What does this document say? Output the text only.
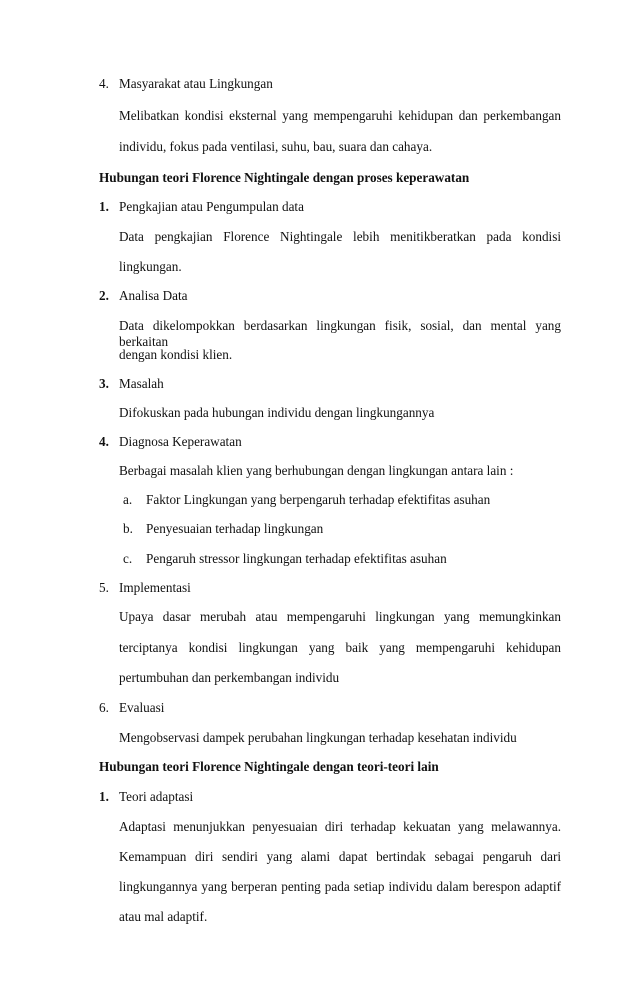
4. Masyarakat atau Lingkungan
Melibatkan kondisi eksternal yang mempengaruhi kehidupan dan perkembangan
individu, fokus pada ventilasi, suhu, bau, suara dan cahaya.
Hubungan teori Florence Nightingale dengan proses keperawatan
1. Pengkajian atau Pengumpulan data
Data pengkajian Florence Nightingale lebih menitikberatkan pada kondisi
lingkungan.
2. Analisa Data
Data dikelompokkan berdasarkan lingkungan fisik, sosial, dan mental yang berkaitan
dengan kondisi klien.
3. Masalah
Difokuskan pada hubungan individu dengan lingkungannya
4. Diagnosa Keperawatan
Berbagai masalah klien yang berhubungan dengan lingkungan antara lain :
a. Faktor Lingkungan yang berpengaruh terhadap efektifitas asuhan
b. Penyesuaian terhadap lingkungan
c. Pengaruh stressor lingkungan terhadap efektifitas asuhan
5. Implementasi
Upaya dasar merubah atau mempengaruhi lingkungan yang memungkinkan
terciptanya kondisi lingkungan yang baik yang mempengaruhi kehidupan
pertumbuhan dan perkembangan individu
6. Evaluasi
Mengobservasi dampek perubahan lingkungan terhadap kesehatan individu
Hubungan teori Florence Nightingale dengan teori-teori lain
1. Teori adaptasi
Adaptasi menunjukkan penyesuaian diri terhadap kekuatan yang melawannya.
Kemampuan diri sendiri yang alami dapat bertindak sebagai pengaruh dari
lingkungannya yang berperan penting pada setiap individu dalam berespon adaptif
atau mal adaptif.
